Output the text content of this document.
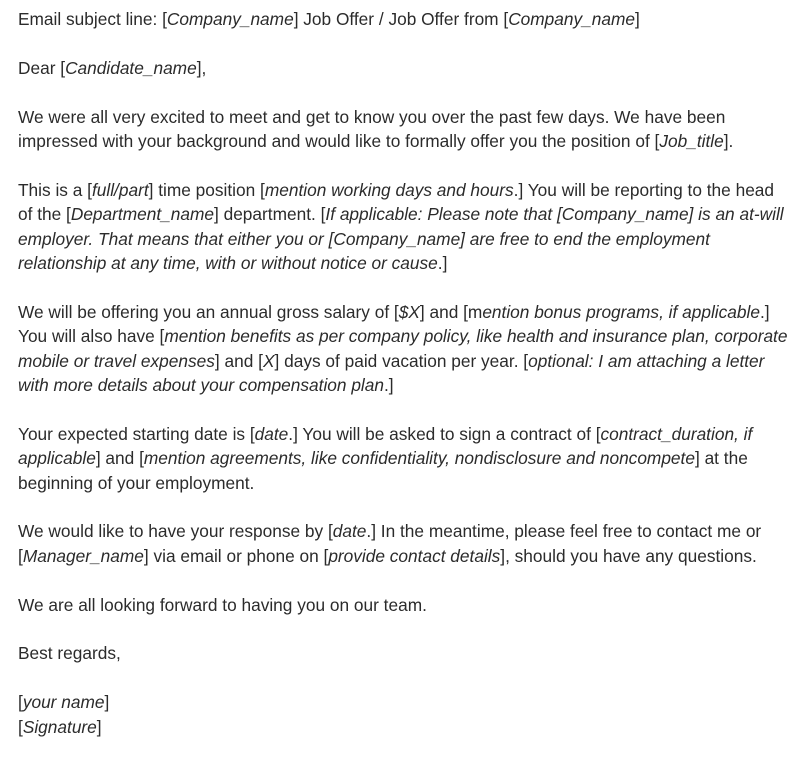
Email subject line: [Company_name] Job Offer / Job Offer from [Company_name]

Dear [Candidate_name],

We were all very excited to meet and get to know you over the past few days. We have been impressed with your background and would like to formally offer you the position of [Job_title].

This is a [full/part] time position [mention working days and hours.] You will be reporting to the head of the [Department_name] department. [If applicable: Please note that [Company_name] is an at-will employer. That means that either you or [Company_name] are free to end the employment relationship at any time, with or without notice or cause.]

We will be offering you an annual gross salary of [$X] and [mention bonus programs, if applicable.] You will also have [mention benefits as per company policy, like health and insurance plan, corporate mobile or travel expenses] and [X] days of paid vacation per year. [optional: I am attaching a letter with more details about your compensation plan.]

Your expected starting date is [date.] You will be asked to sign a contract of [contract_duration, if applicable] and [mention agreements, like confidentiality, nondisclosure and noncompete] at the beginning of your employment.

We would like to have your response by [date.] In the meantime, please feel free to contact me or [Manager_name] via email or phone on [provide contact details], should you have any questions.

We are all looking forward to having you on our team.

Best regards,

[your name]

[Signature]
